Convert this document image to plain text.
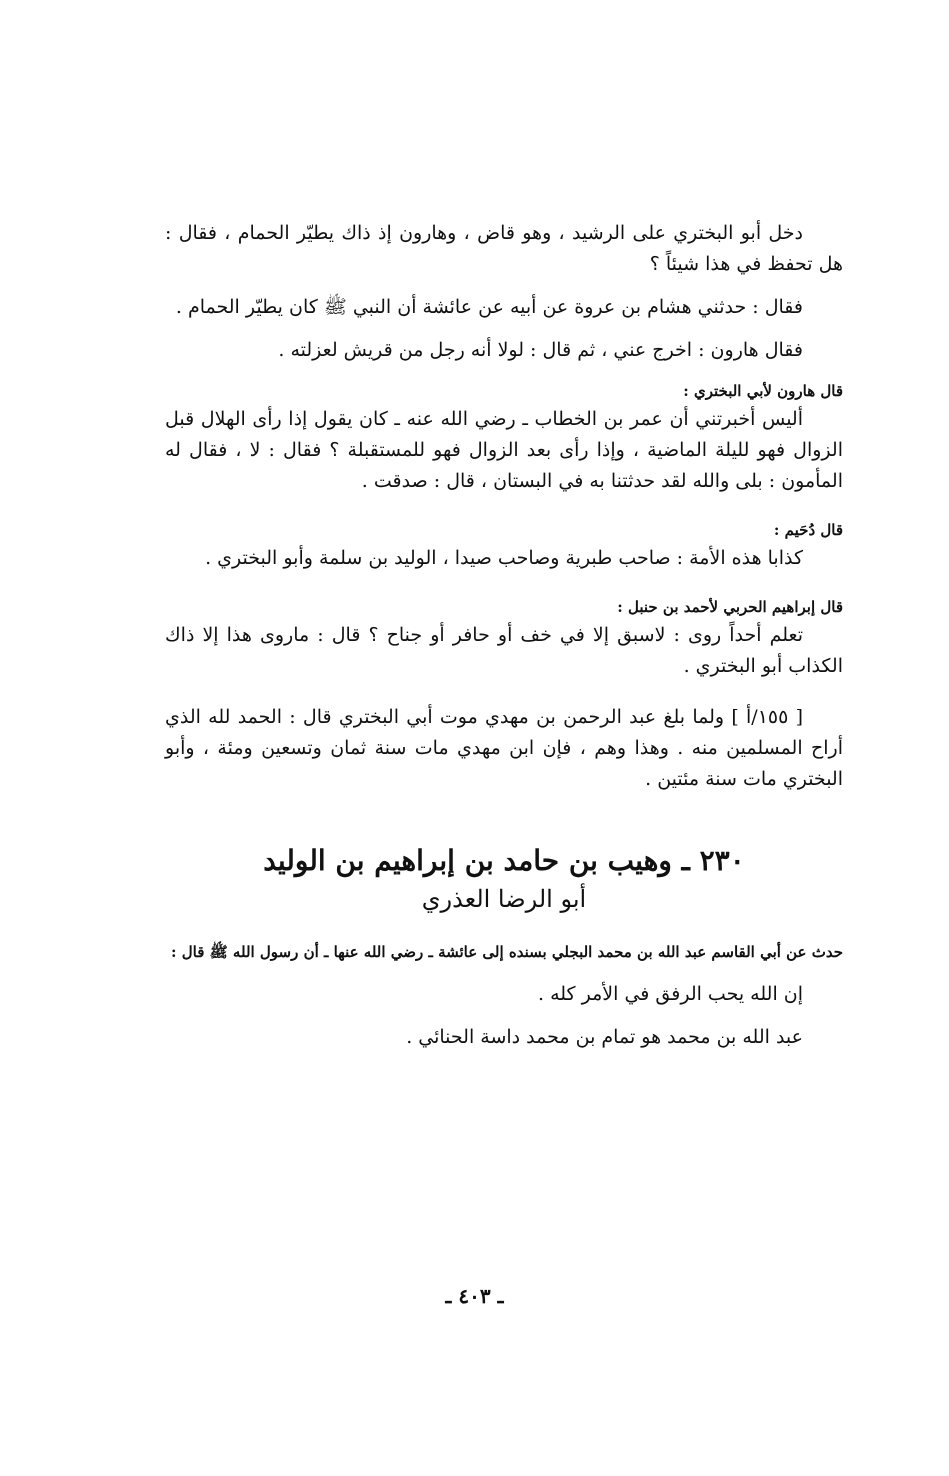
دخل أبو البختري على الرشيد ، وهو قاض ، وهارون إذ ذاك يطيّر الحمام ، فقال : هل تحفظ في هذا شيئاً ؟

فقال : حدثني هشام بن عروة عن أبيه عن عائشة أن النبي ﷺ كان يطيّر الحمام .
فقال هارون : اخرج عني ، ثم قال : لولا أنه رجل من قريش لعزلته .

قال هارون لأبي البختري :

أليس أخبرتني أن عمر بن الخطاب ـ رضي الله عنه ـ كان يقول إذا رأى الهلال قبل الزوال فهو لليلة الماضية ، وإذا رأى بعد الزوال فهو للمستقبلة ؟ فقال : لا ، فقال له المأمون : بلى والله لقد حدثتنا به في البستان ، قال : صدقت .

قال دُحَيم :

كذابا هذه الأمة : صاحب طبرية وصاحب صيدا ، الوليد بن سلمة وأبو البختري .

قال إبراهيم الحربي لأحمد بن حنبل :

تعلم أحداً روى : لاسبق إلا في خف أو حافر أو جناح ؟ قال : ماروى هذا إلا ذاك الكذاب أبو البختري .

[ ١٥٥/أ ] ولما بلغ عبد الرحمن بن مهدي موت أبي البختري قال : الحمد لله الذي أراح المسلمين منه . وهذا وهم ، فإن ابن مهدي مات سنة ثمان وتسعين ومئة ، وأبو البختري مات سنة مئتين .

٢٣٠ ـ وهيب بن حامد بن إبراهيم بن الوليد

أبو الرضا العذري

حدث عن أبي القاسم عبد الله بن محمد البجلي بسنده إلى عائشة ـ رضي الله عنها ـ أن رسول الله ﷺ قال :

إن الله يحب الرفق في الأمر كله .
عبد الله بن محمد هو تمام بن محمد داسة الحنائي .
ـ ٤٠٣ ـ
